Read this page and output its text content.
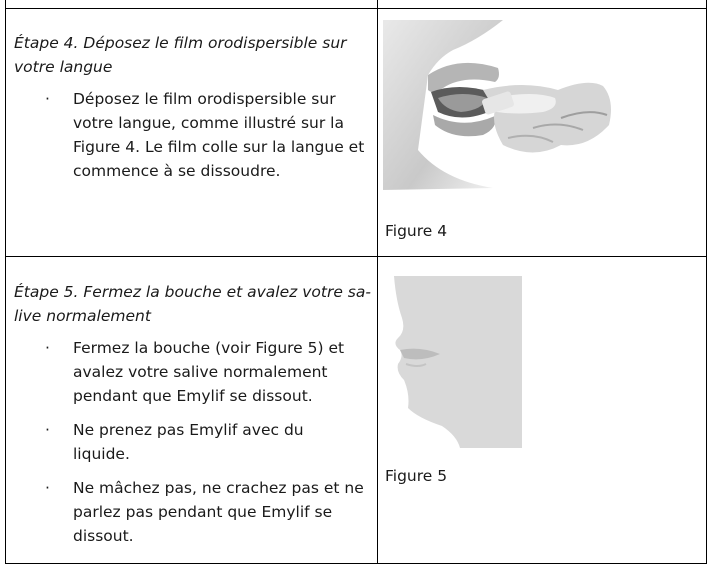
Étape 4. Déposez le film orodispersible sur
votre langue

· Déposez le film orodispersible sur
votre langue, comme illustré sur la
Figure 4. Le film colle sur la langue et
commence à se dissoudre.
Figure 4

Étape 5. Fermez la bouche et avalez votre sa-
live normalement

· Fermez la bouche (voir Figure 5) et
avalez votre salive normalement
pendant que Emylif se dissout.
· Ne prenez pas Emylif avec du
liquide.
· Ne mâchez pas, ne crachez pas et ne
parlez pas pendant que Emylif se
dissout.
Figure 5
